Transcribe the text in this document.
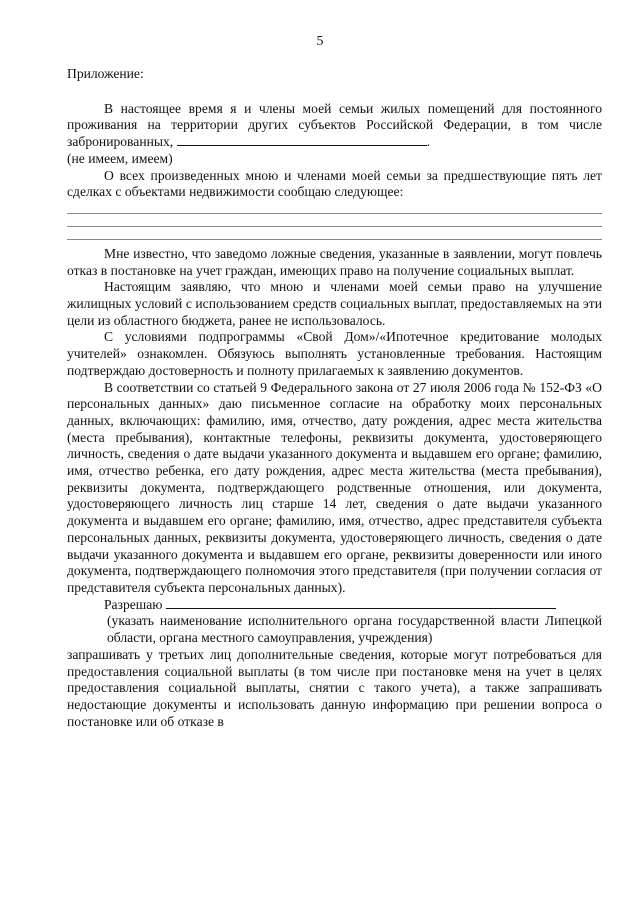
5

Приложение:

В настоящее время я и члены моей семьи жилых помещений для постоянного проживания на территории других субъектов Российской Федерации, в том числе забронированных,	.

(не имеем, имеем)

О всех произведенных мною и членами моей семьи за предшествующие пять лет сделках с объектами недвижимости сообщаю следующее:

Мне известно, что заведомо ложные сведения, указанные в заявлении, могут повлечь отказ в постановке на учет граждан, имеющих право на получение социальных выплат.

Настоящим заявляю, что мною и членами моей семьи право на улучшение жилищных условий с использованием средств социальных выплат, предоставляемых на эти цели из областного бюджета, ранее не использовалось.

С условиями подпрограммы «Свой Дом»/«Ипотечное кредитование молодых учителей» ознакомлен. Обязуюсь выполнять установленные требования. Настоящим подтверждаю достоверность и полноту прилагаемых к заявлению документов.

В соответствии со статьей 9 Федерального закона от 27 июля 2006 года № 152-ФЗ «О персональных данных» даю письменное согласие на обработку моих персональных данных, включающих: фамилию, имя, отчество, дату рождения, адрес места жительства (места пребывания), контактные телефоны, реквизиты документа, удостоверяющего личность, сведения о дате выдачи указанного документа и выдавшем его органе; фамилию, имя, отчество ребенка, его дату рождения, адрес места жительства (места пребывания), реквизиты документа, подтверждающего родственные отношения, или документа, удостоверяющего личность лиц старше 14 лет, сведения о дате выдачи указанного документа и выдавшем его органе; фамилию, имя, отчество, адрес представителя субъекта персональных данных, реквизиты документа, удостоверяющего личность, сведения о дате выдачи указанного документа и выдавшем его органе, реквизиты доверенности или иного документа, подтверждающего полномочия этого представителя (при получении согласия от представителя субъекта персональных данных).

Разрешаю

(указать наименование исполнительного органа государственной власти Липецкой области, органа местного самоуправления, учреждения)

запрашивать у третьих лиц дополнительные сведения, которые могут потребоваться для предоставления социальной выплаты (в том числе при постановке меня на учет в целях предоставления социальной выплаты, снятии с такого учета), а также запрашивать недостающие документы и использовать данную информацию при решении вопроса о постановке или об отказе в
